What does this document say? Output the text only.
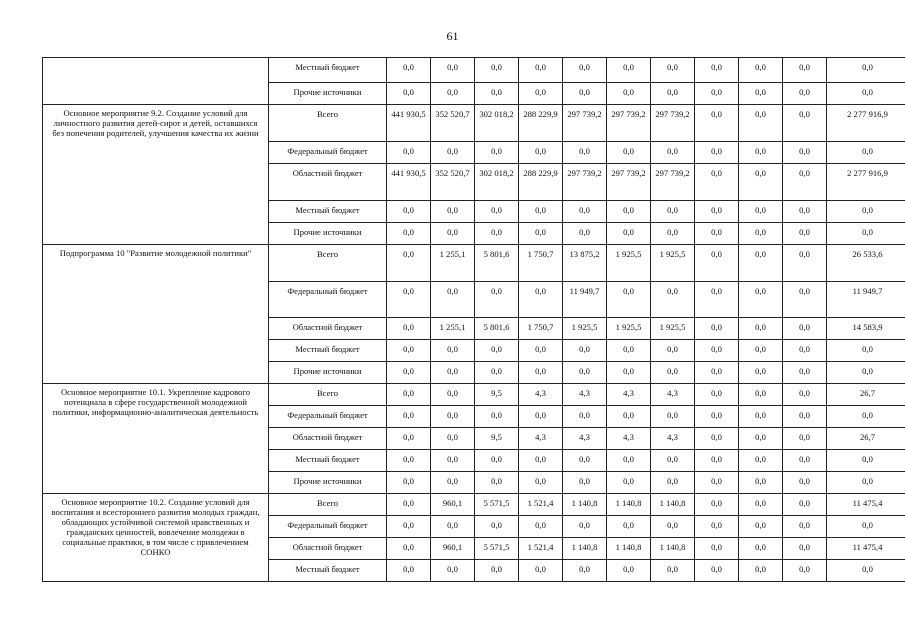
61
	Местный бюджет	0,0	0,0	0,0	0,0	0,0	0,0	0,0	0,0	0,0	0,0	0,0
	Прочие источники	0,0	0,0	0,0	0,0	0,0	0,0	0,0	0,0	0,0	0,0	0,0
Основное мероприятие 9.2. Создание условий для личностного развития детей-сирот и детей, оставшихся без попечения родителей, улучшения качества их жизни	Всего	441 930,5	352 520,7	302 018,2	288 229,9	297 739,2	297 739,2	297 739,2	0,0	0,0	0,0	2 277 916,9
	Федеральный бюджет	0,0	0,0	0,0	0,0	0,0	0,0	0,0	0,0	0,0	0,0	0,0
	Областной бюджет	441 930,5	352 520,7	302 018,2	288 229,9	297 739,2	297 739,2	297 739,2	0,0	0,0	0,0	2 277 916,9
	Местный бюджет	0,0	0,0	0,0	0,0	0,0	0,0	0,0	0,0	0,0	0,0	0,0
	Прочие источники	0,0	0,0	0,0	0,0	0,0	0,0	0,0	0,0	0,0	0,0	0,0
Подпрограмма 10 "Развитие молодежной политики"	Всего	0,0	1 255,1	5 801,6	1 750,7	13 875,2	1 925,5	1 925,5	0,0	0,0	0,0	26 533,6
	Федеральный бюджет	0,0	0,0	0,0	0,0	11 949,7	0,0	0,0	0,0	0,0	0,0	11 949,7
	Областной бюджет	0,0	1 255,1	5 801,6	1 750,7	1 925,5	1 925,5	1 925,5	0,0	0,0	0,0	14 583,9
	Местный бюджет	0,0	0,0	0,0	0,0	0,0	0,0	0,0	0,0	0,0	0,0	0,0
	Прочие источники	0,0	0,0	0,0	0,0	0,0	0,0	0,0	0,0	0,0	0,0	0,0
Основное мероприятие 10.1. Укрепление кадрового потенциала в сфере государственной молодежной политики, информационно-аналитическая деятельность	Всего	0,0	0,0	9,5	4,3	4,3	4,3	4,3	0,0	0,0	0,0	26,7
	Федеральный бюджет	0,0	0,0	0,0	0,0	0,0	0,0	0,0	0,0	0,0	0,0	0,0
	Областной бюджет	0,0	0,0	9,5	4,3	4,3	4,3	4,3	0,0	0,0	0,0	26,7
	Местный бюджет	0,0	0,0	0,0	0,0	0,0	0,0	0,0	0,0	0,0	0,0	0,0
	Прочие источники	0,0	0,0	0,0	0,0	0,0	0,0	0,0	0,0	0,0	0,0	0,0
Основное мероприятие 10.2. Создание условий для воспитания и всестороннего развития молодых граждан, обладающих устойчивой системой нравственных и гражданских ценностей, вовлечение молодежи в социальные практики, в том числе с привлечением СОНКО	Всего	0,0	960,1	5 571,5	1 521,4	1 140,8	1 140,8	1 140,8	0,0	0,0	0,0	11 475,4
	Федеральный бюджет	0,0	0,0	0,0	0,0	0,0	0,0	0,0	0,0	0,0	0,0	0,0
	Областной бюджет	0,0	960,1	5 571,5	1 521,4	1 140,8	1 140,8	1 140,8	0,0	0,0	0,0	11 475,4
	Местный бюджет	0,0	0,0	0,0	0,0	0,0	0,0	0,0	0,0	0,0	0,0	0,0
